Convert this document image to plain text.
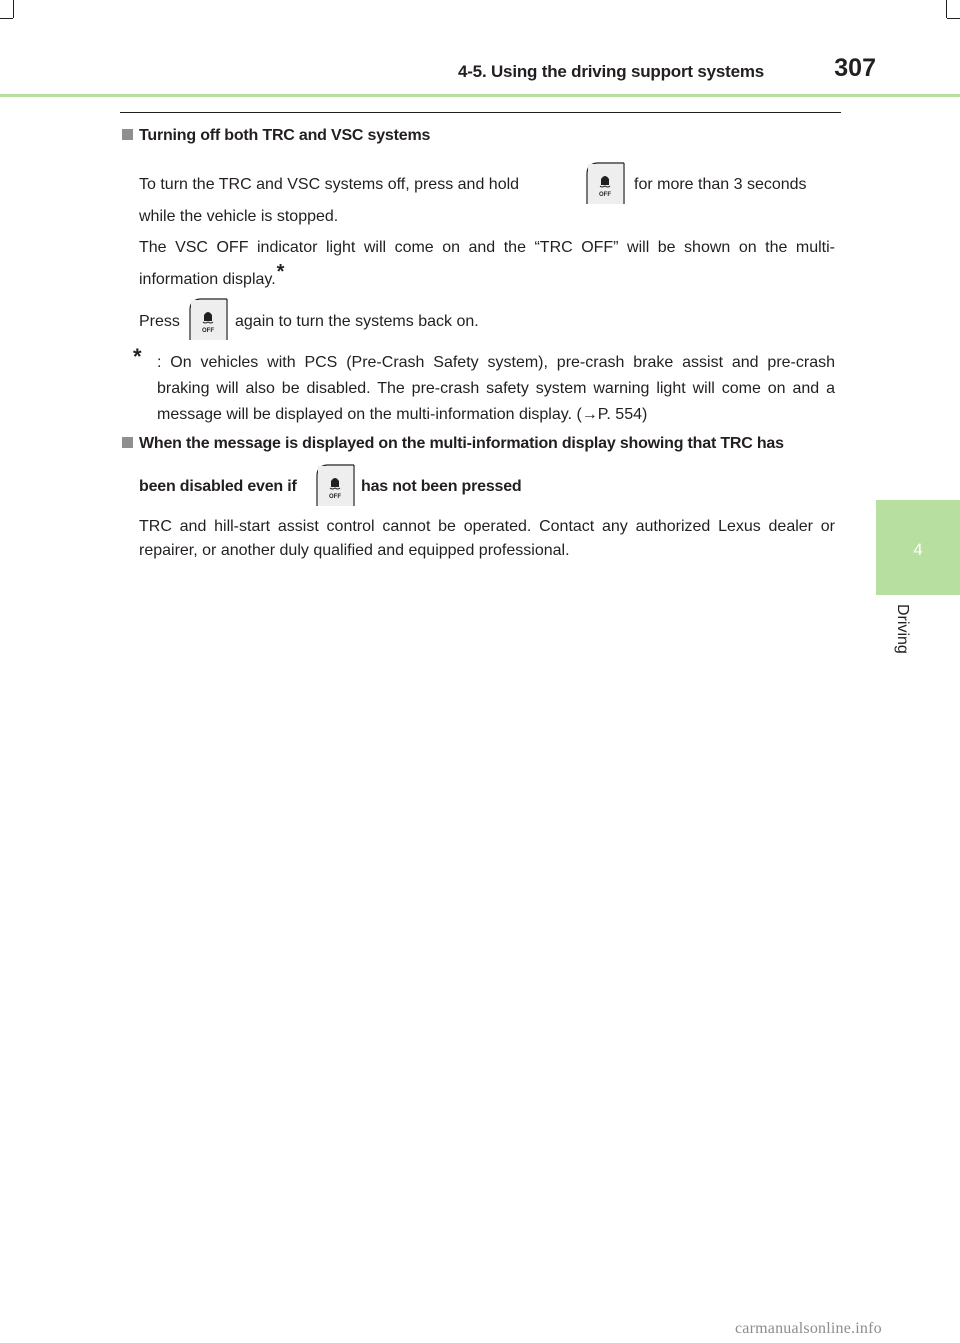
4-5. Using the driving support systems	307
4
Driving
Turning off both TRC and VSC systems
To turn the TRC and VSC systems off, press and hold
OFF
for more than 3 seconds
while the vehicle is stopped.
The VSC OFF indicator light will come on and the “TRC OFF” will be shown on the multi-information display.*
Press
OFF
again to turn the systems back on.
* : On vehicles with PCS (Pre-Crash Safety system), pre-crash brake assist and pre-crash braking will also be disabled. The pre-crash safety system warning light will come on and a message will be displayed on the multi-information display. (→P. 554)
When the message is displayed on the multi-information display showing that TRC has
been disabled even if
OFF
has not been pressed
TRC and hill-start assist control cannot be operated. Contact any authorized Lexus dealer or repairer, or another duly qualified and equipped professional.
carmanualsonline.info
